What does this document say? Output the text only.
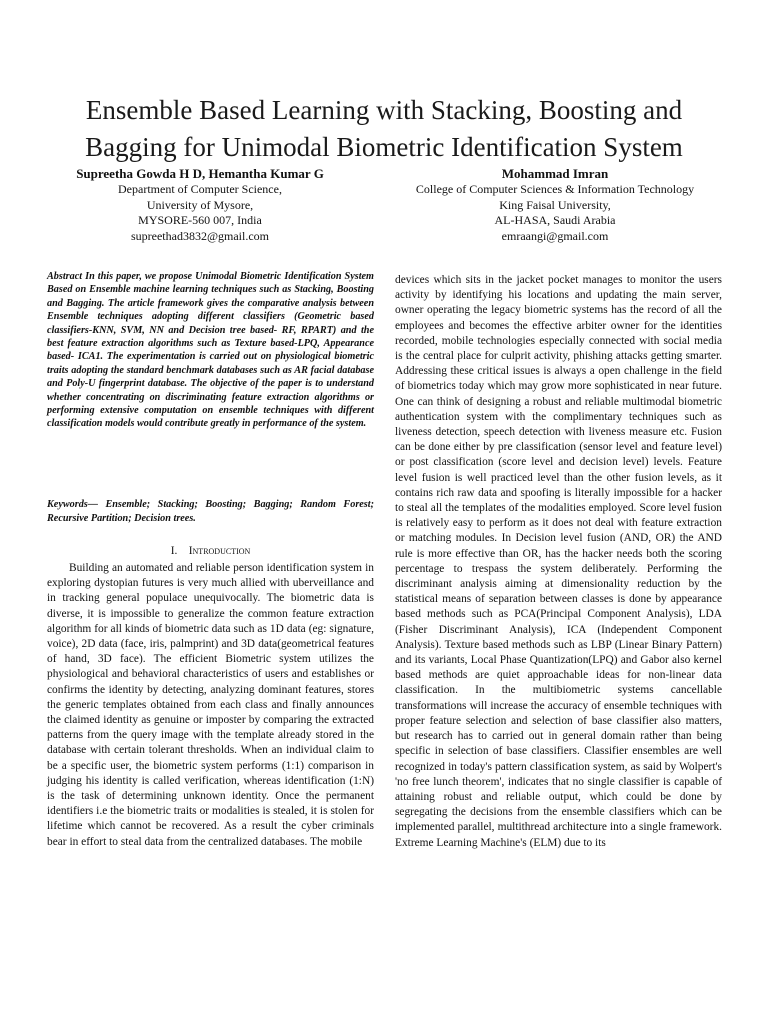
Ensemble Based Learning with Stacking, Boosting and
Bagging for Unimodal Biometric Identification System
Supreetha Gowda H D, Hemantha Kumar G
Department of Computer Science,
University of Mysore,
MYSORE-560 007, India
supreethad3832@gmail.com
Mohammad Imran
College of Computer Sciences & Information Technology
King Faisal University,
AL-HASA, Saudi Arabia
emraangi@gmail.com

Abstract In this paper, we propose Unimodal Biometric Identification System Based on Ensemble machine learning techniques such as Stacking, Boosting and Bagging. The article framework gives the comparative analysis between Ensemble techniques adopting different classifiers (Geometric based classifiers-KNN, SVM, NN and Decision tree based- RF, RPART) and the best feature extraction algorithms such as Texture based-LPQ, Appearance based- ICA1. The experimentation is carried out on physiological biometric traits adopting the standard benchmark databases such as AR facial database and Poly-U fingerprint database. The objective of the paper is to understand whether concentrating on discriminating feature extraction algorithms or performing extensive computation on ensemble techniques with different classification models would contribute greatly in performance of the system.

Keywords— Ensemble; Stacking; Boosting; Bagging; Random Forest; Recursive Partition; Decision trees.

I. Introduction

Building an automated and reliable person identification system in exploring dystopian futures is very much allied with uberveillance and in tracking general populace unequivocally. The biometric data is diverse, it is impossible to generalize the common feature extraction algorithm for all kinds of biometric data such as 1D data (eg: signature, voice), 2D data (face, iris, palmprint) and 3D data(geometrical features of hand, 3D face). The efficient Biometric system utilizes the physiological and behavioral characteristics of users and establishes or confirms the identity by detecting, analyzing dominant features, stores the generic templates obtained from each class and finally announces the claimed identity as genuine or imposter by comparing the extracted patterns from the query image with the template already stored in the database with certain tolerant thresholds. When an individual claim to be a specific user, the biometric system performs (1:1) comparison in judging his identity is called verification, whereas identification (1:N) is the task of determining unknown identity. Once the permanent identifiers i.e the biometric traits or modalities is stealed, it is stolen for lifetime which cannot be recovered. As a result the cyber criminals bear in effort to steal data from the centralized databases. The mobile

devices which sits in the jacket pocket manages to monitor the users activity by identifying his locations and updating the main server, owner operating the legacy biometric systems has the record of all the employees and becomes the effective arbiter owner for the identities recorded, mobile technologies especially connected with social media is the central place for culprit activity, phishing attacks getting smarter. Addressing these critical issues is always a open challenge in the field of biometrics today which may grow more sophisticated in near future. One can think of designing a robust and reliable multimodal biometric authentication system with the complimentary techniques such as liveness detection, speech detection with liveness measure etc. Fusion can be done either by pre classification (sensor level and feature level) or post classification (score level and decision level) levels. Feature level fusion is well practiced level than the other fusion levels, as it contains rich raw data and spoofing is literally impossible for a hacker to steal all the templates of the modalities employed. Score level fusion is relatively easy to perform as it does not deal with feature extraction or matching modules. In Decision level fusion (AND, OR) the AND rule is more effective than OR, has the hacker needs both the scoring percentage to trespass the system deliberately. Performing the discriminant analysis aiming at dimensionality reduction by the statistical means of separation between classes is done by appearance based methods such as PCA(Principal Component Analysis), LDA (Fisher Discriminant Analysis), ICA (Independent Component Analysis). Texture based methods such as LBP (Linear Binary Pattern) and its variants, Local Phase Quantization(LPQ) and Gabor also kernel based methods are quiet approachable ideas for non-linear data classification. In the multibiometric systems cancellable transformations will increase the accuracy of ensemble techniques with proper feature selection and selection of base classifier also matters, but research has to carried out in general domain rather than being specific in selection of base classifiers. Classifier ensembles are well recognized in today's pattern classification system, as said by Wolpert's 'no free lunch theorem', indicates that no single classifier is capable of attaining robust and reliable output, which could be done by segregating the decisions from the ensemble classifiers which can be implemented parallel, multithread architecture into a single framework. Extreme Learning Machine's (ELM) due to its
